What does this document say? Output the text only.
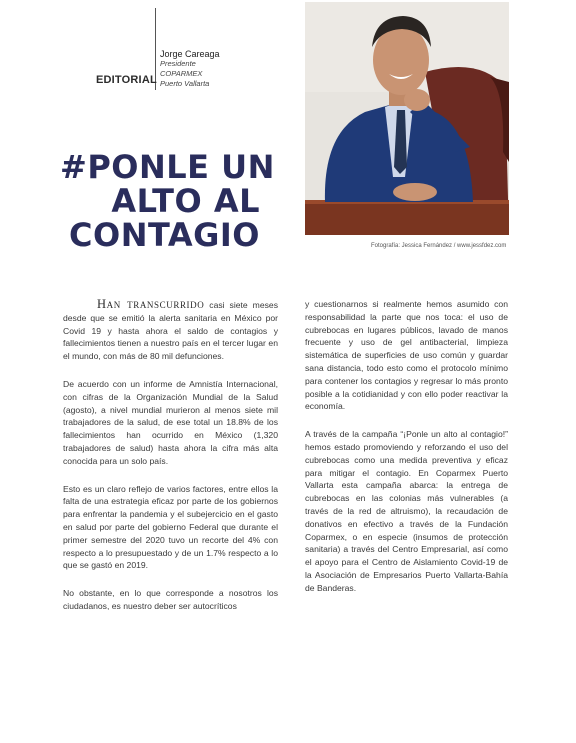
EDITORIAL
Jorge Careaga
Presidente
COPARMEX
Puerto Vallarta
Fotografía: Jessica Fernández / www.jessfdez.com
#PONLE UN
ALTO AL
CONTAGIO

Han transcurrido casi siete meses desde que se emitió la alerta sanitaria en México por Covid 19 y hasta ahora el saldo de contagios y fallecimientos tienen a nuestro país en el tercer lugar en el mundo, con más de 80 mil defunciones.

De acuerdo con un informe de Amnistía Internacional, con cifras de la Organización Mundial de la Salud (agosto), a nivel mundial murieron al menos siete mil trabajadores de la salud, de ese total un 18.8% de los fallecimientos han ocurrido en México (1,320 trabajadores de salud) hasta ahora la cifra más alta conocida para un solo país.

Esto es un claro reflejo de varios factores, entre ellos la falta de una estrategia eficaz por parte de los gobiernos para enfrentar la pandemia y el subejercicio en el gasto en salud por parte del gobierno Federal que durante el primer semestre del 2020 tuvo un recorte del 4% con respecto a lo presupuestado y de un 1.7% respecto a lo que se gastó en 2019.

No obstante, en lo que corresponde a nosotros los ciudadanos, es nuestro deber ser autocríticos

y cuestionarnos si realmente hemos asumido con responsabilidad la parte que nos toca: el uso de cubrebocas en lugares públicos, lavado de manos frecuente y uso de gel antibacterial, limpieza sistemática de superficies de uso común y guardar sana distancia, todo esto como el protocolo mínimo para contener los contagios y regresar lo más pronto posible a la cotidianidad y con ello poder reactivar la economía.

A través de la campaña “¡Ponle un alto al contagio!” hemos estado promoviendo y reforzando el uso del cubrebocas como una medida preventiva y eficaz para mitigar el contagio. En Coparmex Puerto Vallarta esta campaña abarca: la entrega de cubrebocas en las colonias más vulnerables (a través de la red de altruismo), la recaudación de donativos en efectivo a través de la Fundación Coparmex, o en especie (insumos de protección sanitaria) a través del Centro Empresarial, así como el apoyo para el Centro de Aislamiento Covid-19 de la Asociación de Empresarios Puerto Vallarta-Bahía de Banderas.
